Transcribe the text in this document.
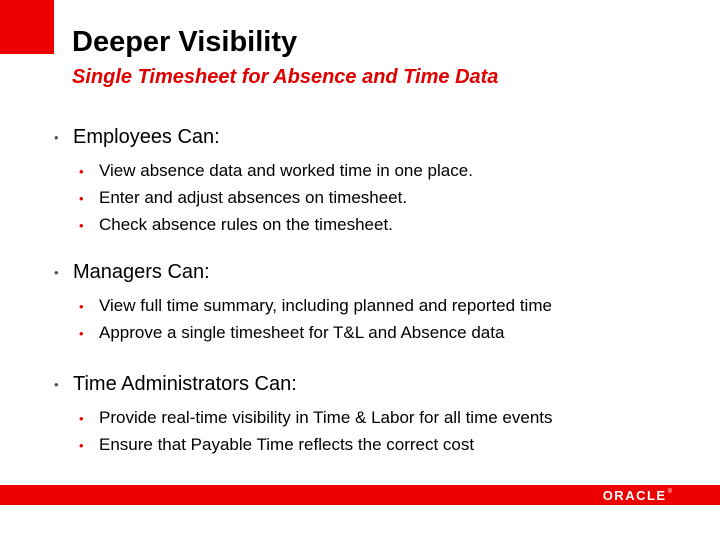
Deeper Visibility
Single Timesheet for Absence and Time Data
• Employees Can:
• View absence data and worked time in one place.
• Enter and adjust absences on timesheet.
• Check absence rules on the timesheet.
• Managers Can:
• View full time summary, including planned and reported time
• Approve a single timesheet for T&L and Absence data
• Time Administrators Can:
• Provide real-time visibility in Time & Labor for all time events
• Ensure that Payable Time reflects the correct cost
ORACLE ®
